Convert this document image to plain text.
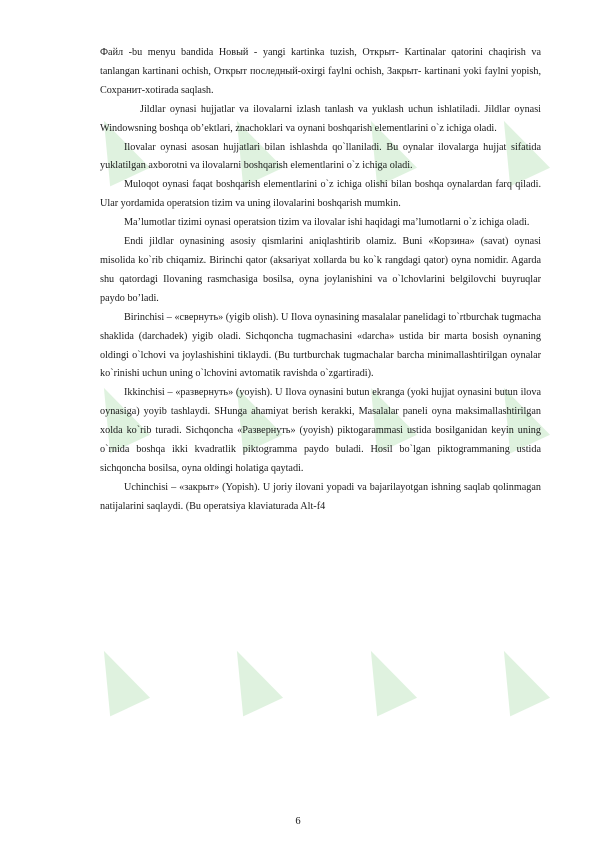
Файл -bu menyu bandida Новый - yangi kartinka tuzish, Открыт- Kartinalar qatorini chaqirish va tanlangan kartinani ochish, Открыт последный-oxirgi faylni ochish, Закрыт- kartinani yoki faylni yopish, Сохранит-xotirada saqlash.

Jildlar oynasi hujjatlar va ilovalarni izlash tanlash va yuklash uchun ishlatiladi. Jildlar oynasi Windowsning boshqa ob’ektlari, znachoklari va oynani boshqarish elementlarini o`z ichiga oladi.

Ilovalar oynasi asosan hujjatlari bilan ishlashda qo`llaniladi. Bu oynalar ilovalarga hujjat sifatida yuklatilgan axborotni va ilovalarni boshqarish elementlarini o`z ichiga oladi.

Muloqot oynasi faqat boshqarish elementlarini o`z ichiga olishi bilan boshqa oynalardan farq qiladi. Ular yordamida operatsion tizim va uning ilovalarini boshqarish mumkin.

Ma’lumotlar tizimi oynasi operatsion tizim va ilovalar ishi haqidagi ma’lumotlarni o`z ichiga oladi.

Endi jildlar oynasining asosiy qismlarini aniqlashtirib olamiz. Buni «Корзина» (savat) oynasi misolida ko`rib chiqamiz. Birinchi qator (aksariyat xollarda bu ko`k rangdagi qator) oyna nomidir. Agarda shu qatordagi Ilovaning rasmchasiga bosilsa, oyna joylanishini va o`lchovlarini belgilovchi buyruqlar paydo bo’ladi.

Birinchisi – «свернуть» (yigib olish). U Ilova oynasining masalalar panelidagi to`rtburchak tugmacha shaklida (darchadek) yigib oladi. Sichqoncha tugmachasini «darcha» ustida bir marta bosish oynaning oldingi o`lchovi va joylashishini tiklaydi. (Bu turtburchak tugmachalar barcha minimallashtirilgan oynalar ko`rinishi uchun uning o`lchovini avtomatik ravishda o`zgartiradi).

Ikkinchisi – «развернуть» (yoyish). U Ilova oynasini butun ekranga (yoki hujjat oynasini butun ilova oynasiga) yoyib tashlaydi. SHunga ahamiyat berish kerakki, Masalalar paneli oyna maksimallashtirilgan xolda ko`rib turadi. Sichqoncha «Развернуть» (yoyish) piktogarammasi ustida bosilganidan keyin uning o`rnida boshqa ikki kvadratlik piktogramma paydo buladi. Hosil bo`lgan piktogrammaning ustida sichqoncha bosilsa, oyna oldingi holatiga qaytadi.

Uchinchisi – «закрыт» (Yopish). U joriy ilovani yopadi va bajarilayotgan ishning saqlab qolinmagan natijalarini saqlaydi. (Bu operatsiya klaviaturada Alt-f4

6
